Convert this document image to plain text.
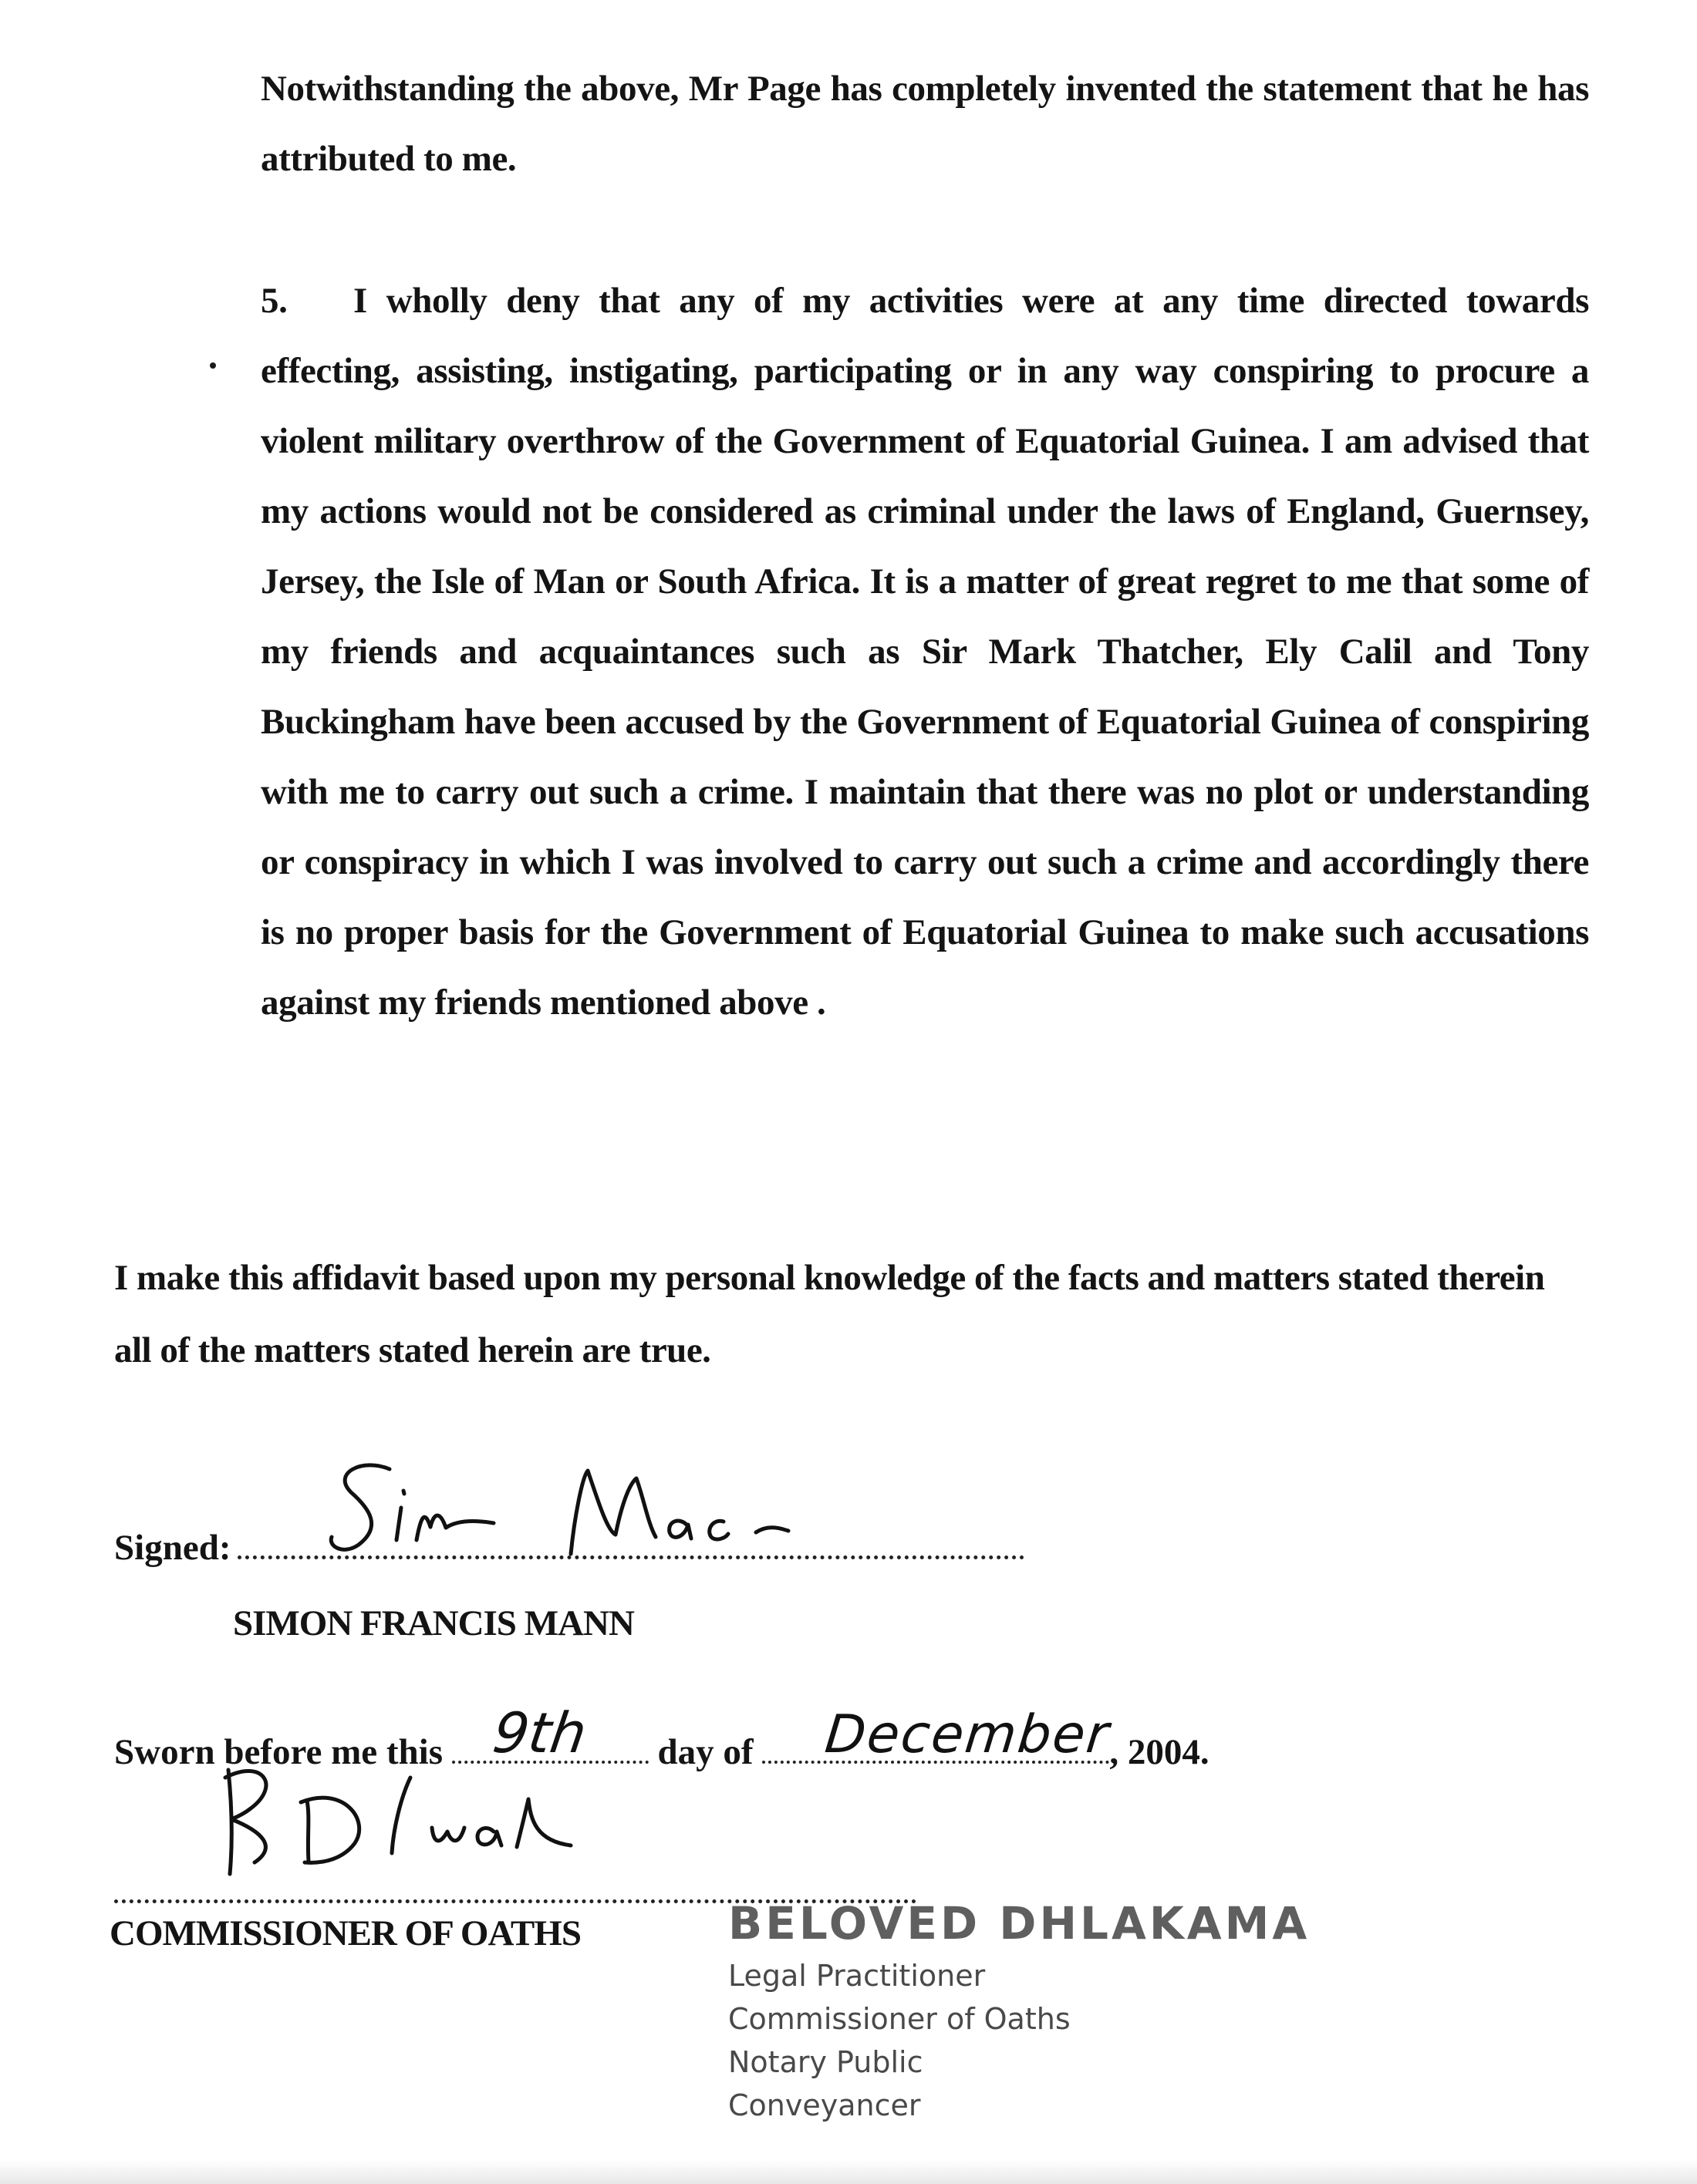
Notwithstanding the above, Mr Page has completely invented the statement that he has attributed to me.

5. I wholly deny that any of my activities were at any time directed towards effecting, assisting, instigating, participating or in any way conspiring to procure a violent military overthrow of the Government of Equatorial Guinea. I am advised that my actions would not be considered as criminal under the laws of England, Guernsey, Jersey, the Isle of Man or South Africa. It is a matter of great regret to me that some of my friends and acquaintances such as Sir Mark Thatcher, Ely Calil and Tony Buckingham have been accused by the Government of Equatorial Guinea of conspiring with me to carry out such a crime. I maintain that there was no plot or understanding or conspiracy in which I was involved to carry out such a crime and accordingly there is no proper basis for the Government of Equatorial Guinea to make such accusations against my friends mentioned above .

I make this affidavit based upon my personal knowledge of the facts and matters stated therein all of the matters stated herein are true.

Signed:
SIMON FRANCIS MANN
Sworn before me this	day of	, 2004.
9th	December
COMMISSIONER OF OATHS	BELOVED DHLAKAMA

Legal Practitioner

Commissioner of Oaths

Notary Public

Conveyancer
